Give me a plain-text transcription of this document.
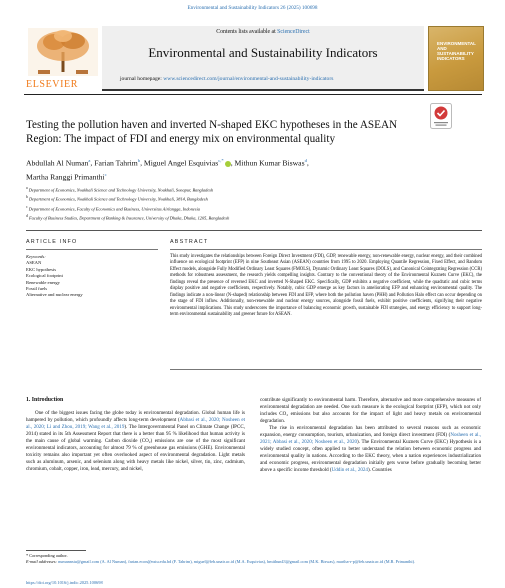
Environmental and Sustainability Indicators 26 (2025) 100698
ELSEVIER
Contents lists available at ScienceDirect
Environmental and Sustainability Indicators
journal homepage: www.sciencedirect.com/journal/environmental-and-sustainability-indicators
ENVIRONMENTAL AND SUSTAINABILITY INDICATORS
Testing the pollution haven and inverted N-shaped EKC hypotheses in the ASEAN Region: The impact of FDI and energy mix on environmental quality
Abdullah Al Numan$^a$, Farian Tahrim$^b$, Miguel Angel Esquivias$^{c,*}$ , Mithun Kumar Biswas$^d$,
Martha Ranggi Primanthi$^c$
$^a$ Department of Economics, Noakhali Science and Technology University, Noakhali, Sonapur, Bangladesh
$^b$ Department of Economics, Noakhali Science and Technology University, Noakhali, 3814, Bangladesh
$^c$ Department of Economics, Faculty of Economics and Business, Universitas Airlangga, Indonesia
$^d$ Faculty of Business Studies, Department of Banking & Insurance, University of Dhaka, Dhaka, 1205, Bangladesh
ARTICLE INFO	ABSTRACT
Keywords:
ASEAN
EKC hypothesis
Ecological footprint
Renewable energy
Fossil fuels
Alternative and nuclear energy
This study investigates the relationships between Foreign Direct Investment (FDI), GDP, renewable energy, non-renewable energy, nuclear energy, and their combined influence on ecological footprint (EFP) in nine Southeast Asian (ASEAN) countries from 1995 to 2020. Employing Quantile Regression, Fixed Effect, and Random Effect models, alongside Fully Modified Ordinary Least Squares (FMOLS), Dynamic Ordinary Least Squares (DOLS), and Canonical Cointegrating Regression (CCR) methods for robustness assessment, the research yields compelling insights. Contrary to the conventional theory of the Environmental Kuznets Curve (EKC), the findings reveal the presence of reversed EKC and inverted N-Shaped EKC. Specifically, GDP exhibits a negative coefficient, while the quadratic and cubic terms display positive and negative coefficients, respectively. Notably, cubic GDP emerge as key factors in ameliorating EFP and enhancing environmental quality. The findings indicate a non-linear (N-shaped) relationship between FDI and EFP, where both the pollution haven (PHH) and Pollution Halo effect can occur depending on the stage of FDI inflow. Additionally, non-renewable and nuclear energy sources, alongside fossil fuels, exhibit positive coefficients, signifying their negative environmental implications. This study underscores the importance of balancing economic growth, sustainable FDI strategies, and energy efficiency to support long-term environmental sustainability and greener future for ASEAN.
1. Introduction

One of the biggest issues facing the globe today is environmental degradation. Global human life is hampered by pollution, which profoundly affects long-term development (Abbasi et al., 2020; Nosheen et al., 2020; Li and Zhou, 2019; Wang et al., 2019). The Intergovernmental Panel on Climate Change (IPCC, 2014) stated in its 5th Assessment Report that there is a better than 95 % likelihood that human activity is the main cause of global warming. Carbon dioxide (CO₂) emissions are one of the most significant environmental indicators, accounting for almost 79 % of greenhouse gas emissions (GHE). Environmental toxicity remains also important yet often overlooked aspect of environmental degradation. Light metals such as aluminum, arsenic, and selenium along with heavy metals like nickel, silver, tin, zinc, cadmium, chromium, cobalt, copper, iron, lead, mercury, and nickel,

contribute significantly to environmental harm. Therefore, alternative and more comprehensive measures of environmental degradation are needed. One such measure is the ecological footprint (EFP), which not only includes CO₂ emissions but also accounts for the impact of light and heavy metals on environmental degradation.

The rise in environmental degradation has been attributed to several reasons such as economic expansion, energy consumption, tourism, urbanization, and foreign direct investment (FDI) (Nosheen et al., 2021; Abbasi et al., 2020; Nosheen et al., 2020). The Environmental Kuznets Curve (EKC) Hypothesis is a widely studied concept, often applied to better understand the relation between economic progress and environmental quality in nations. According to the EKC theory, when a nation experiences industrialization and economic progress, environmental degradation initially gets worse before gradually becoming better above a specific income threshold (Uddin et al., 2024). Countries

* Corresponding author.
E-mail addresses: numannstu@gmail.com (A. Al Numan), farian.econ@nstu.edu.bd (F. Tahrim), miguel@feb.unair.ac.id (M.A. Esquivias), bmithun43@gmail.com (M.K. Biswas), martha-r-p@feb.unair.ac.id (M.R. Primanthi).
https://doi.org/10.1016/j.indic.2025.100698
